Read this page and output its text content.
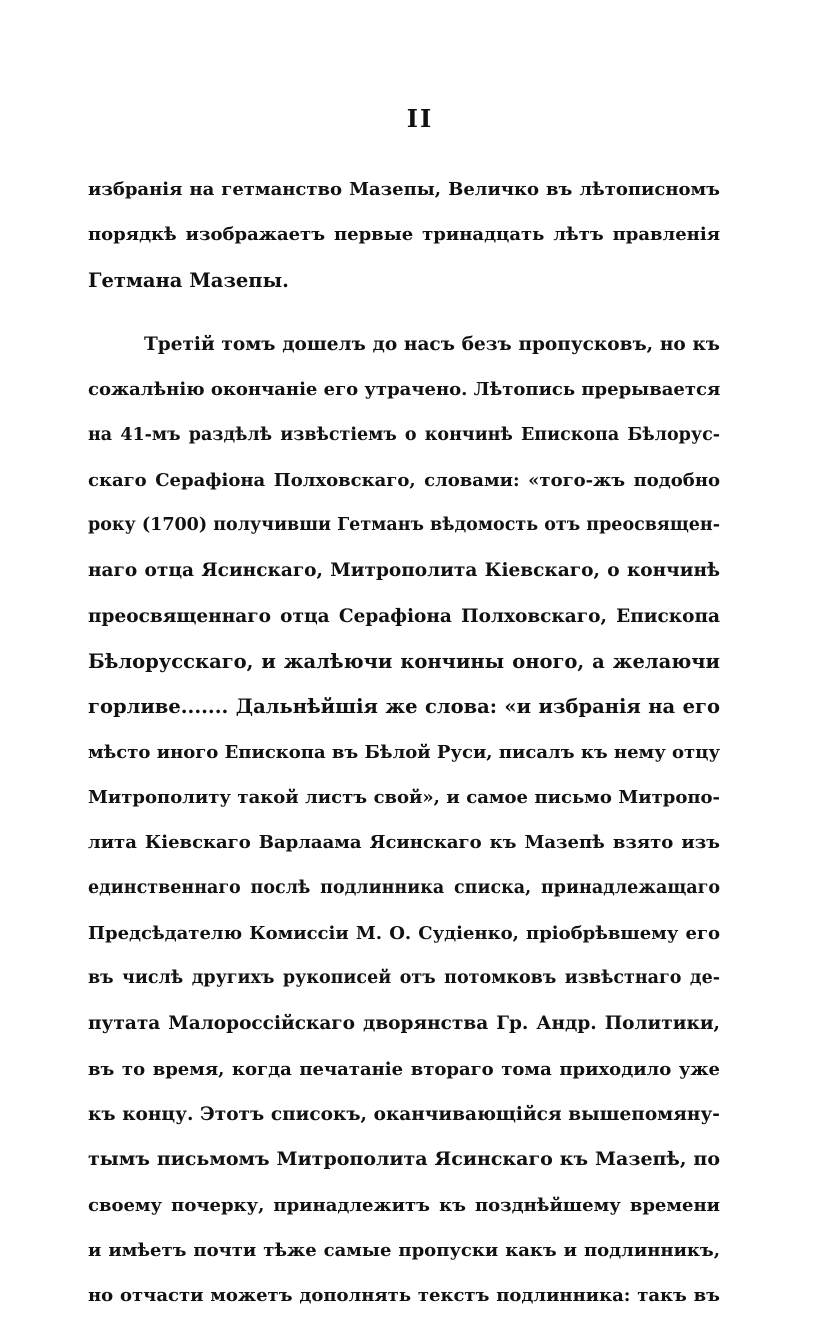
II
избранія на гетманство Мазепы, Величко въ лѣтописномъ
порядкѣ изображаетъ первые тринадцать лѣтъ правленія
Гетмана Мазепы.
Третій томъ дошелъ до насъ безъ пропусковъ, но къ
сожалѣнію окончаніе его утрачено. Лѣтопись прерывается
на 41-мъ раздѣлѣ извѣстіемъ о кончинѣ Епископа Бѣлорус-
скаго Серафіона Полховскаго, словами: «того-жъ подобно
року (1700) получивши Гетманъ вѣдомость отъ преосвящен-
наго отца Ясинскаго, Митрополита Кіевскаго, о кончинѣ
преосвященнаго отца Серафіона Полховскаго, Епископа
Бѣлорусскаго, и жалѣючи кончины оного, а желаючи
горливе....... Дальнѣйшія же слова: «и избранія на его
мѣсто иного Епископа въ Бѣлой Руси, писалъ къ нему отцу
Митрополиту такой листъ свой», и самое письмо Митропо-
лита Кіевскаго Варлаама Ясинскаго къ Мазепѣ взято изъ
единственнаго послѣ подлинника списка, принадлежащаго
Предсѣдателю Комиссіи М. О. Судіенко, пріобрѣвшему его
въ числѣ другихъ рукописей отъ потомковъ извѣстнаго де-
путата Малороссійскаго дворянства Гр. Андр. Политики,
въ то время, когда печатаніе втораго тома приходило уже
къ концу. Этотъ списокъ, оканчивающійся вышепомяну-
тымъ письмомъ Митрополита Ясинскаго къ Мазепѣ, по
своему почерку, принадлежитъ къ позднѣйшему времени
и имѣетъ почти тѣже самые пропуски какъ и подлинникъ,
но отчасти можетъ дополнять текстъ подлинника: такъ въ
